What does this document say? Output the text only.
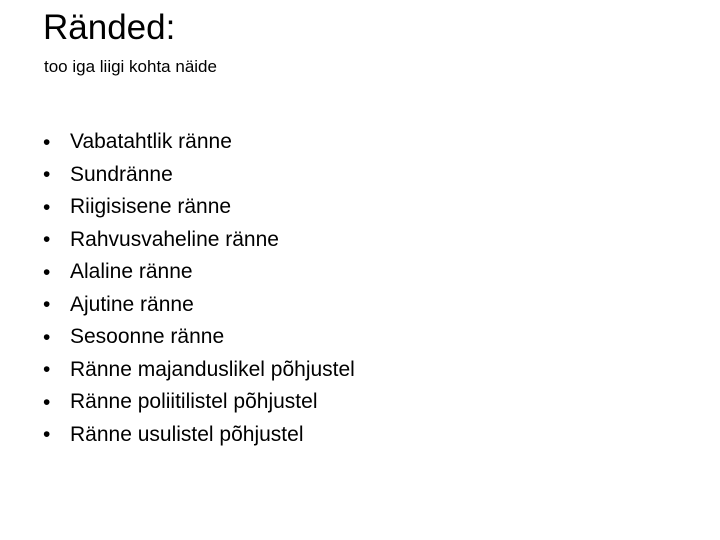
Ränded:

too iga liigi kohta näide

• Vabatahtlik ränne
• Sundränne
• Riigisisene ränne
• Rahvusvaheline ränne
• Alaline ränne
• Ajutine ränne
• Sesoonne ränne
• Ränne majanduslikel põhjustel
• Ränne poliitilistel põhjustel
• Ränne usulistel põhjustel
